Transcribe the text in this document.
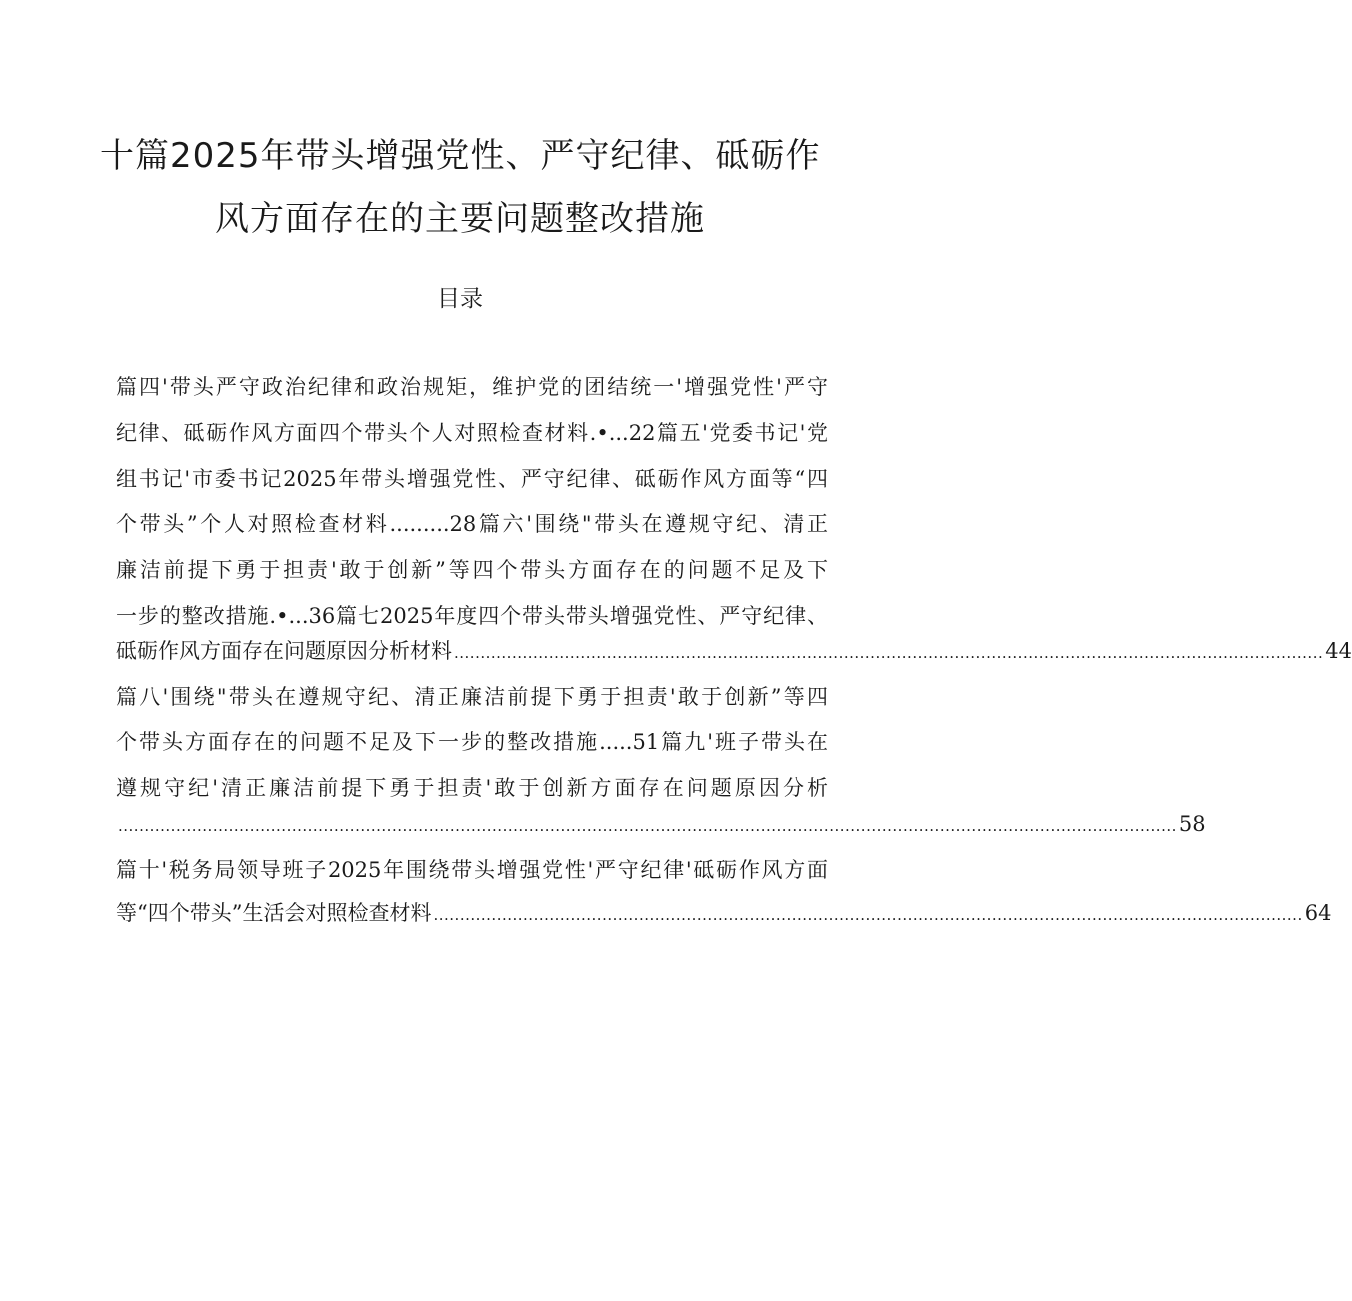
十篇2025年带头增强党性、严守纪律、砥砺作
风方面存在的主要问题整改措施
目录
篇四'带头严守政治纪律和政治规矩，维护党的团结统一'增强党性'严守
纪律、砥砺作风方面四个带头个人对照检查材料.•...22篇五'党委书记'党
组书记'市委书记2025年带头增强党性、严守纪律、砥砺作风方面等“四
个带头”个人对照检查材料.........28篇六'围绕"带头在遵规守纪、清正
廉洁前提下勇于担责'敢于创新”等四个带头方面存在的问题不足及下
一步的整改措施.•...36篇七2025年度四个带头带头增强党性、严守纪律、
砥砺作风方面存在问题原因分析材料 ..................................................................................................................................................................... 44
篇八'围绕"带头在遵规守纪、清正廉洁前提下勇于担责'敢于创新”等四
个带头方面存在的问题不足及下一步的整改措施.....51篇九'班子带头在
遵规守纪'清正廉洁前提下勇于担责'敢于创新方面存在问题原因分析
......................................................................................................................................................................................................... 58
篇十'税务局领导班子2025年围绕带头增强党性'严守纪律'砥砺作风方面
等“四个带头”生活会对照检查材料 ..................................................................................................................................................................... 64
